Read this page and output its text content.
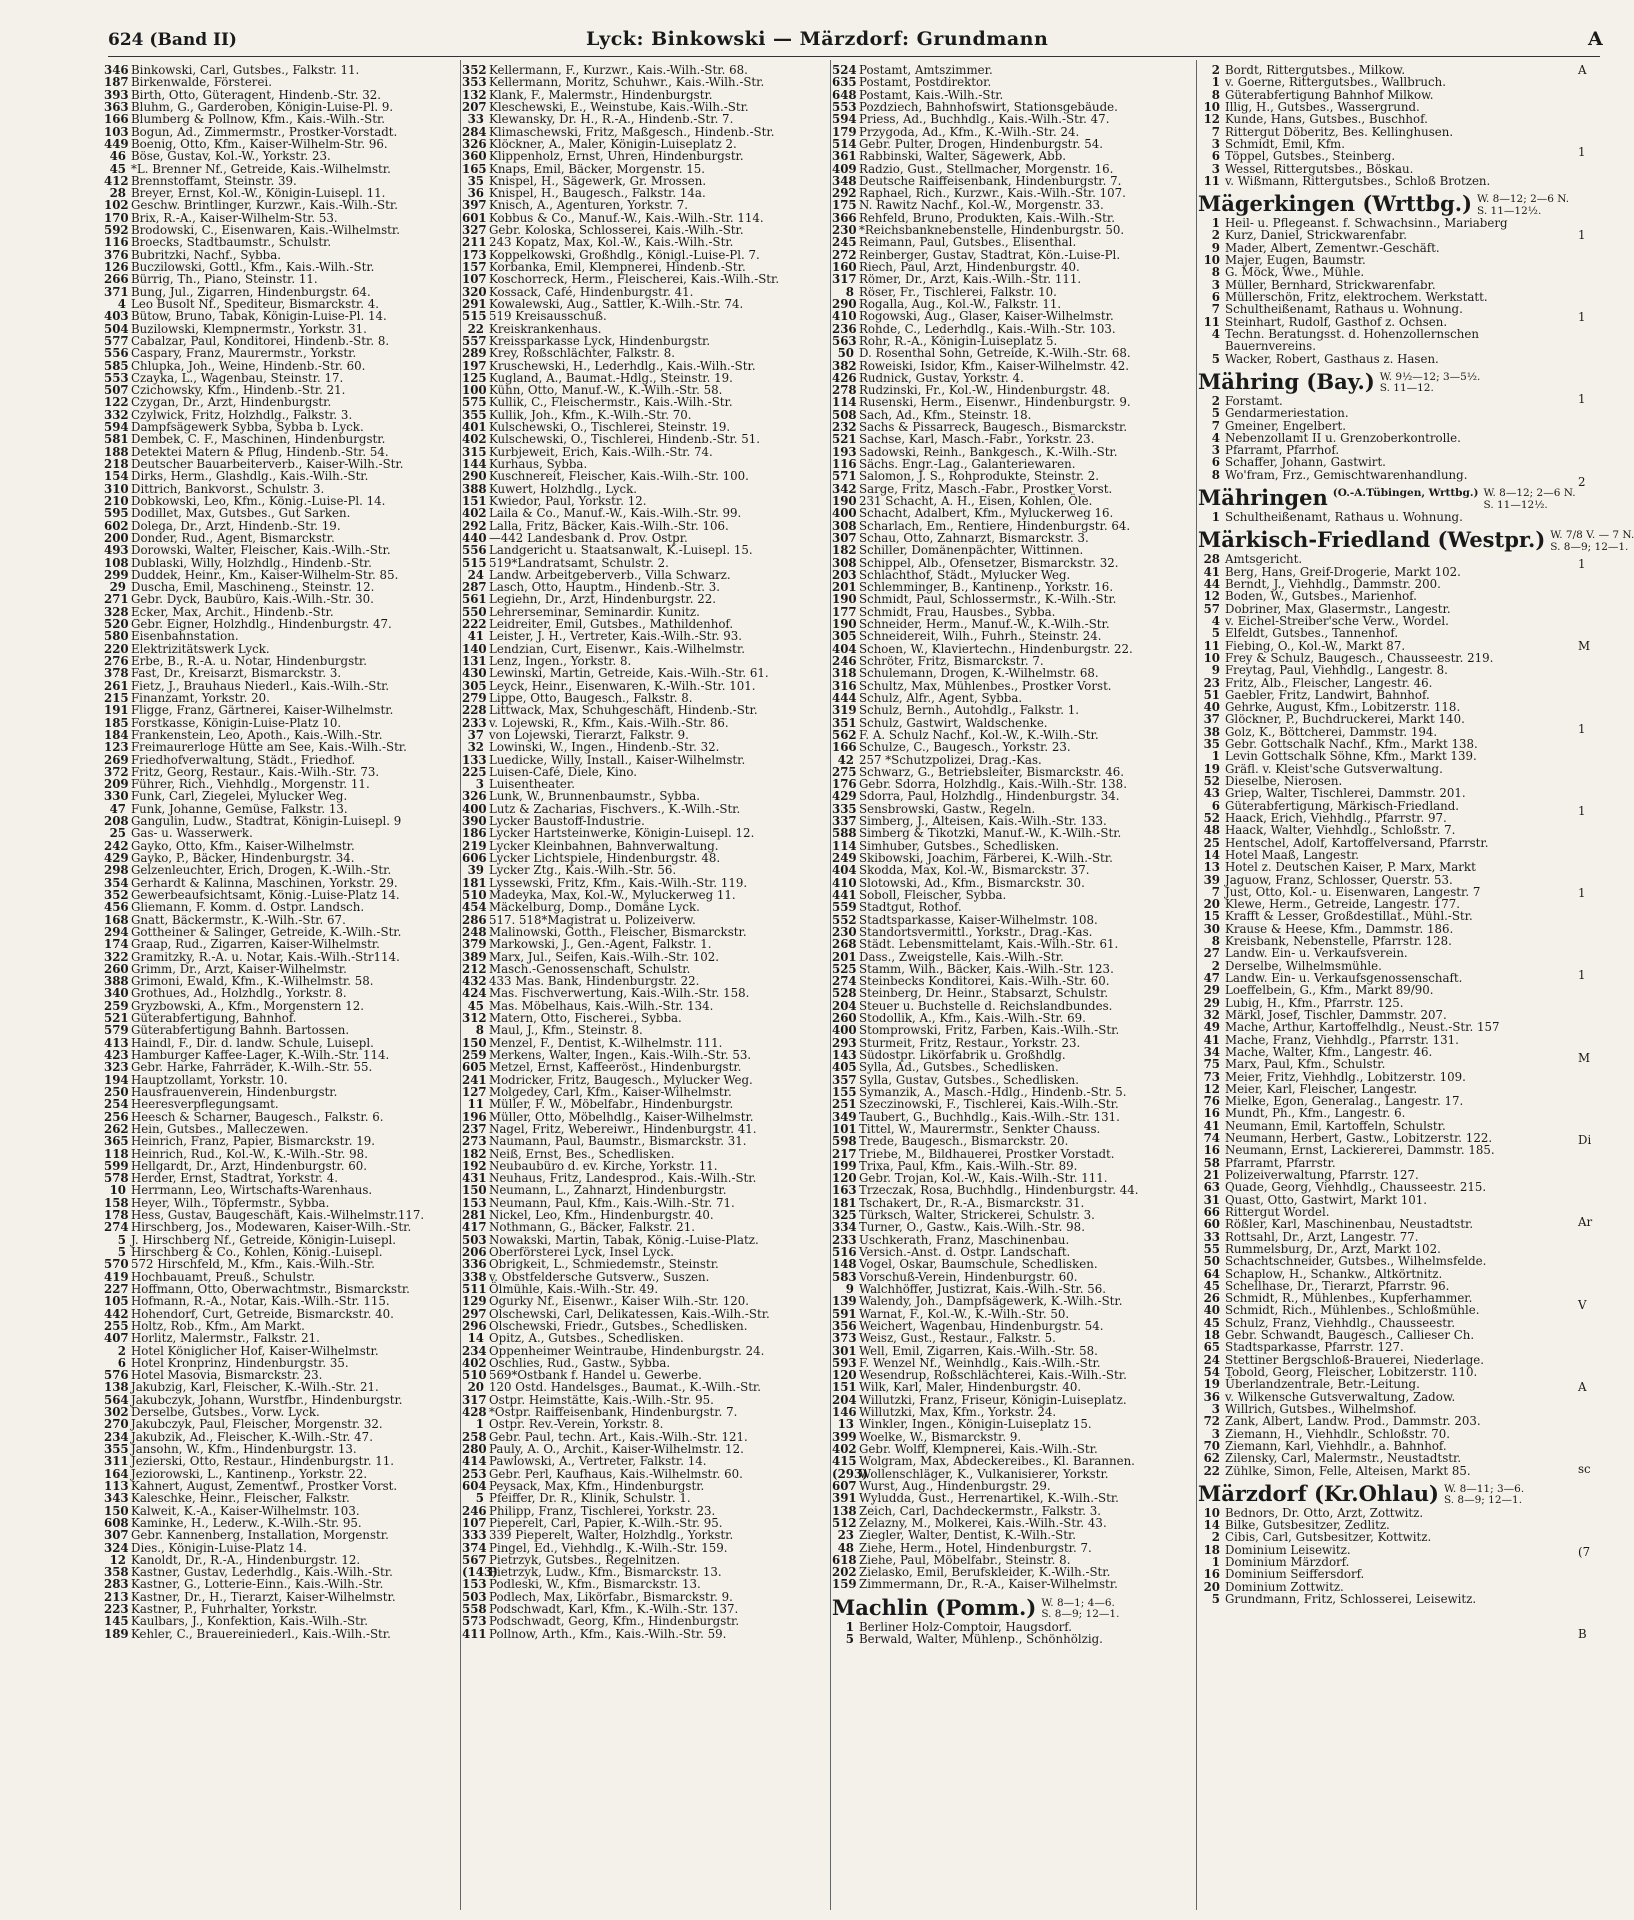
624 (Band II)	Lyck: Binkowski — Märzdorf: Grundmann	A
346 Binkowski, Carl, Gutsbes., Falkstr. 11.
187 Birkenwalde, Försterei.
393 Birth, Otto, Güteragent, Hindenb.-Str. 32.
363 Bluhm, G., Garderoben, Königin-Luise-Pl. 9.
166 Blumberg & Pollnow, Kfm., Kais.-Wilh.-Str.
103 Bogun, Ad., Zimmermstr., Prostker-Vorstadt.
449 Boenig, Otto, Kfm., Kaiser-Wilhelm-Str. 96.
46 Böse, Gustav, Kol.-W., Yorkstr. 23.
45 *L. Brenner Nf., Getreide, Kais.-Wilhelmstr.
412 Brennstoffamt, Steinstr. 39.
28 Breyer, Ernst, Kol.-W., Königin-Luisepl. 11.
102 Geschw. Brintlinger, Kurzwr., Kais.-Wilh.-Str.
170 Brix, R.-A., Kaiser-Wilhelm-Str. 53.
592 Brodowski, C., Eisenwaren, Kais.-Wilhelmstr.
116 Broecks, Stadtbaumstr., Schulstr.
376 Bubritzki, Nachf., Sybba.
126 Buczilowski, Gottl., Kfm., Kais.-Wilh.-Str.
266 Bürrig, Th., Piano, Steinstr. 11.
371 Bung, Jul., Zigarren, Hindenburgstr. 64.
4 Leo Busolt Nf., Spediteur, Bismarckstr. 4.
403 Bütow, Bruno, Tabak, Königin-Luise-Pl. 14.
504 Buzilowski, Klempnermstr., Yorkstr. 31.
577 Cabalzar, Paul, Konditorei, Hindenb.-Str. 8.
556 Caspary, Franz, Maurermstr., Yorkstr.
585 Chlupka, Joh., Weine, Hindenb.-Str. 60.
553 Czayka, L., Wagenbau, Steinstr. 17.
507 Czichowsky, Kfm., Hindenb.-Str. 21.
122 Czygan, Dr., Arzt, Hindenburgstr.
332 Czylwick, Fritz, Holzhdlg., Falkstr. 3.
594 Dampfsägewerk Sybba, Sybba b. Lyck.
581 Dembek, C. F., Maschinen, Hindenburgstr.
188 Detektei Matern & Pflug, Hindenb.-Str. 54.
218 Deutscher Bauarbeiterverb., Kaiser-Wilh.-Str.
154 Dirks, Herm., Glashdlg., Kais.-Wilh.-Str.
310 Dittrich, Bankvorst., Schulstr. 3.
210 Dobkowski, Leo, Kfm., König.-Luise-Pl. 14.
595 Dodillet, Max, Gutsbes., Gut Sarken.
602 Dolega, Dr., Arzt, Hindenb.-Str. 19.
200 Donder, Rud., Agent, Bismarckstr.
493 Dorowski, Walter, Fleischer, Kais.-Wilh.-Str.
108 Dublaski, Willy, Holzhdlg., Hindenb.-Str.
299 Duddek, Heinr., Km., Kaiser-Wilhelm-Str. 85.
29 Duscha, Emil, Maschineng., Steinstr. 12.
271 Gebr. Dyck, Baubüro, Kais.-Wilh.-Str. 30.
328 Ecker, Max, Archit., Hindenb.-Str.
520 Gebr. Eigner, Holzhdlg., Hindenburgstr. 47.
580 Eisenbahnstation.
220 Elektrizitätswerk Lyck.
276 Erbe, B., R.-A. u. Notar, Hindenburgstr.
378 Fast, Dr., Kreisarzt, Bismarckstr. 3.
261 Fietz, J., Brauhaus Niederl., Kais.-Wilh.-Str.
215 Finanzamt, Yorkstr. 20.
191 Fligge, Franz, Gärtnerei, Kaiser-Wilhelmstr.
185 Forstkasse, Königin-Luise-Platz 10.
184 Frankenstein, Leo, Apoth., Kais.-Wilh.-Str.
123 Freimaurerloge Hütte am See, Kais.-Wilh.-Str.
269 Friedhofverwaltung, Städt., Friedhof.
372 Fritz, Georg, Restaur., Kais.-Wilh.-Str. 73.
209 Führer, Rich., Viehhdlg., Morgenstr. 11.
330 Funk, Carl, Ziegelei, Mylucker Weg.
47 Funk, Johanne, Gemüse, Falkstr. 13.
208 Gangulin, Ludw., Stadtrat, Königin-Luisepl. 9
25 Gas- u. Wasserwerk.
242 Gayko, Otto, Kfm., Kaiser-Wilhelmstr.
429 Gayko, P., Bäcker, Hindenburgstr. 34.
298 Gelzenleuchter, Erich, Drogen, K.-Wilh.-Str.
354 Gerhardt & Kalinna, Maschinen, Yorkstr. 29.
352 Gewerbeaufsichtsamt, König.-Luise-Platz 14.
456 Gliemann, F. Komm. d. Ostpr. Landsch.
168 Gnatt, Bäckermstr., K.-Wilh.-Str. 67.
294 Gottheiner & Salinger, Getreide, K.-Wilh.-Str.
174 Graap, Rud., Zigarren, Kaiser-Wilhelmstr.
322 Gramitzky, R.-A. u. Notar, Kais.-Wilh.-Str114.
260 Grimm, Dr., Arzt, Kaiser-Wilhelmstr.
388 Grimoni, Ewald, Kfm., K.-Wilhelmstr. 58.
340 Grothues, Ad., Holzhdlg., Yorkstr. 8.
259 Gryzbowski, A., Kfm., Morgenstern 12.
521 Güterabfertigung, Bahnhof.
579 Güterabfertigung Bahnh. Bartossen.
413 Haindl, F., Dir. d. landw. Schule, Luisepl.
423 Hamburger Kaffee-Lager, K.-Wilh.-Str. 114.
323 Gebr. Harke, Fahrräder, K.-Wilh.-Str. 55.
194 Hauptzollamt, Yorkstr. 10.
250 Hausfrauenverein, Hindenburgstr.
254 Heeresverpflegungsamt.
256 Heesch & Scharner, Baugesch., Falkstr. 6.
262 Hein, Gutsbes., Malleczewen.
365 Heinrich, Franz, Papier, Bismarckstr. 19.
118 Heinrich, Rud., Kol.-W., K.-Wilh.-Str. 98.
599 Hellgardt, Dr., Arzt, Hindenburgstr. 60.
578 Herder, Ernst, Stadtrat, Yorkstr. 4.
10 Herrmann, Leo, Wirtschafts-Warenhaus.
158 Heyer, Wilh., Töpfermstr., Sybba.
178 Hess, Gustav, Baugeschäft, Kais.-Wilhelmstr.117.
274 Hirschberg, Jos., Modewaren, Kaiser-Wilh.-Str.
5 J. Hirschberg Nf., Getreide, Königin-Luisepl.
5 Hirschberg & Co., Kohlen, König.-Luisepl.
570 572 Hirschfeld, M., Kfm., Kais.-Wilh.-Str.
419 Hochbauamt, Preuß., Schulstr.
227 Hoffmann, Otto, Oberwachtmstr., Bismarckstr.
105 Hofmann, R.-A., Notar, Kais.-Wilh.-Str. 115.
442 Hohendorf, Curt, Getreide, Bismarckstr. 40.
255 Holtz, Rob., Kfm., Am Markt.
407 Horlitz, Malermstr., Falkstr. 21.
2 Hotel Königlicher Hof, Kaiser-Wilhelmstr.
6 Hotel Kronprinz, Hindenburgstr. 35.
576 Hotel Masovia, Bismarckstr. 23.
138 Jakubzig, Karl, Fleischer, K.-Wilh.-Str. 21.
564 Jakubczyk, Johann, Wurstfbr., Hindenburgstr.
302 Derselbe, Gutsbes., Vorw. Lyck.
270 Jakubczyk, Paul, Fleischer, Morgenstr. 32.
234 Jakubzik, Ad., Fleischer, K.-Wilh.-Str. 47.
355 Jansohn, W., Kfm., Hindenburgstr. 13.
311 Jezierski, Otto, Restaur., Hindenburgstr. 11.
164 Jeziorowski, L., Kantinenp., Yorkstr. 22.
113 Kahnert, August, Zementwf., Prostker Vorst.
343 Kaleschke, Heinr., Fleischer, Falkstr.
150 Kalweit, K.-A., Kaiser-Wilhelmstr. 103.
608 Kaminke, H., Lederw., K.-Wilh.-Str. 95.
307 Gebr. Kannenberg, Installation, Morgenstr.
324 Dies., Königin-Luise-Platz 14.
12 Kanoldt, Dr., R.-A., Hindenburgstr. 12.
358 Kastner, Gustav, Lederhdlg., Kais.-Wilh.-Str.
283 Kastner, G., Lotterie-Einn., Kais.-Wilh.-Str.
213 Kastner, Dr., H., Tierarzt, Kaiser-Wilhelmstr.
223 Kastner, P., Fuhrhalter, Yorkstr.
145 Kaulbars, J., Konfektion, Kais.-Wilh.-Str.
189 Kehler, C., Brauereiniederl., Kais.-Wilh.-Str.
352 Kellermann, F., Kurzwr., Kais.-Wilh.-Str. 68.
353 Kellermann, Moritz, Schuhwr., Kais.-Wilh.-Str.
132 Klank, F., Malermstr., Hindenburgstr.
207 Kleschewski, E., Weinstube, Kais.-Wilh.-Str.
33 Klewansky, Dr. H., R.-A., Hindenb.-Str. 7.
284 Klimaschewski, Fritz, Maßgesch., Hindenb.-Str.
326 Klöckner, A., Maler, Königin-Luiseplatz 2.
360 Klippenholz, Ernst, Uhren, Hindenburgstr.
165 Knaps, Emil, Bäcker, Morgenstr. 15.
35 Knispel, H., Sägewerk, Gr. Mrossen.
36 Knispel, H., Baugesch., Falkstr. 14a.
397 Knisch, A., Agenturen, Yorkstr. 7.
601 Kobbus & Co., Manuf.-W., Kais.-Wilh.-Str. 114.
327 Gebr. Koloska, Schlosserei, Kais.-Wilh.-Str.
211 243 Kopatz, Max, Kol.-W., Kais.-Wilh.-Str.
173 Koppelkowski, Großhdlg., Königl.-Luise-Pl. 7.
157 Korbanka, Emil, Klempnerei, Hindenb.-Str.
107 Koschorreck, Herm., Fleischerei, Kais.-Wilh.-Str.
320 Kossack, Café, Hindenburgstr. 41.
291 Kowalewski, Aug., Sattler, K.-Wilh.-Str. 74.
515 519 Kreisausschuß.
22 Kreiskrankenhaus.
557 Kreissparkasse Lyck, Hindenburgstr.
289 Krey, Roßschlächter, Falkstr. 8.
197 Kruschewski, H., Lederhdlg., Kais.-Wilh.-Str.
125 Kugland, A., Baumat.-Hdlg., Steinstr. 19.
100 Kühn, Otto, Manuf.-W., K.-Wilh.-Str. 58.
575 Kullik, C., Fleischermstr., Kais.-Wilh.-Str.
355 Kullik, Joh., Kfm., K.-Wilh.-Str. 70.
401 Kulschewski, O., Tischlerei, Steinstr. 19.
402 Kulschewski, O., Tischlerei, Hindenb.-Str. 51.
315 Kurbjeweit, Erich, Kais.-Wilh.-Str. 74.
144 Kurhaus, Sybba.
290 Kuschnereit, Fleischer, Kais.-Wilh.-Str. 100.
388 Kuwert, Holzhdlg., Lyck.
151 Kwiedor, Paul, Yorkstr. 12.
402 Laila & Co., Manuf.-W., Kais.-Wilh.-Str. 99.
292 Lalla, Fritz, Bäcker, Kais.-Wilh.-Str. 106.
440 —442 Landesbank d. Prov. Ostpr.
556 Landgericht u. Staatsanwalt, K.-Luisepl. 15.
515 519*Landratsamt, Schulstr. 2.
24 Landw. Arbeitgeberverb., Villa Schwarz.
287 Lasch, Otto, Hauptm., Hindenb.-Str. 3.
561 Legiehn, Dr., Arzt, Hindenburgstr. 22.
550 Lehrerseminar, Seminardir. Kunitz.
222 Leidreiter, Emil, Gutsbes., Mathildenhof.
41 Leister, J. H., Vertreter, Kais.-Wilh.-Str. 93.
140 Lendzian, Curt, Eisenwr., Kais.-Wilhelmstr.
131 Lenz, Ingen., Yorkstr. 8.
430 Lewinski, Martin, Getreide, Kais.-Wilh.-Str. 61.
305 Leyck, Heinr., Eisenwaren, K.-Wilh.-Str. 101.
279 Lippe, Otto, Baugesch., Falkstr. 8.
228 Littwack, Max, Schuhgeschäft, Hindenb.-Str.
233 v. Lojewski, R., Kfm., Kais.-Wilh.-Str. 86.
37 von Lojewski, Tierarzt, Falkstr. 9.
32 Lowinski, W., Ingen., Hindenb.-Str. 32.
133 Luedicke, Willy, Install., Kaiser-Wilhelmstr.
225 Luisen-Café, Diele, Kino.
3 Luisentheater.
326 Lunk, W., Brunnenbaumstr., Sybba.
400 Lutz & Zacharias, Fischvers., K.-Wilh.-Str.
390 Lycker Baustoff-Industrie.
186 Lycker Hartsteinwerke, Königin-Luisepl. 12.
219 Lycker Kleinbahnen, Bahnverwaltung.
606 Lycker Lichtspiele, Hindenburgstr. 48.
39 Lycker Ztg., Kais.-Wilh.-Str. 56.
181 Lyssewski, Fritz, Kfm., Kais.-Wilh.-Str. 119.
510 Madeyka, Max, Kol.-W., Myluckerweg 11.
454 Mäckelburg, Domp., Domäne Lyck.
286 517. 518*Magistrat u. Polizeiverw.
248 Malinowski, Gotth., Fleischer, Bismarckstr.
379 Markowski, J., Gen.-Agent, Falkstr. 1.
389 Marx, Jul., Seifen, Kais.-Wilh.-Str. 102.
212 Masch.-Genossenschaft, Schulstr.
432 433 Mas. Bank, Hindenburgstr. 22.
424 Mas. Fischverwertung, Kais.-Wilh.-Str. 158.
45 Mas. Möbelhaus, Kais.-Wilh.-Str. 134.
312 Matern, Otto, Fischerei., Sybba.
8 Maul, J., Kfm., Steinstr. 8.
150 Menzel, F., Dentist, K.-Wilhelmstr. 111.
259 Merkens, Walter, Ingen., Kais.-Wilh.-Str. 53.
605 Metzel, Ernst, Kaffeeröst., Hindenburgstr.
241 Modricker, Fritz, Baugesch., Mylucker Weg.
127 Molgedey, Carl, Kfm., Kaiser-Wilhelmstr.
11 Müller, F. W., Möbelfabr., Hindenburgstr.
196 Müller, Otto, Möbelhdlg., Kaiser-Wilhelmstr.
237 Nagel, Fritz, Webereiwr., Hindenburgstr. 41.
273 Naumann, Paul, Baumstr., Bismarckstr. 31.
182 Neiß, Ernst, Bes., Schedlisken.
192 Neubaubüro d. ev. Kirche, Yorkstr. 11.
431 Neuhaus, Fritz, Landesprod., Kais.-Wilh.-Str.
150 Neumann, L., Zahnarzt, Hindenburgstr.
153 Neumann, Paul, Kfm., Kais.-Wilh.-Str. 71.
281 Nickel, Leo, Kfm., Hindenburgstr. 40.
417 Nothmann, G., Bäcker, Falkstr. 21.
503 Nowakski, Martin, Tabak, König.-Luise-Platz.
206 Oberförsterei Lyck, Insel Lyck.
336 Obrigkeit, L., Schmiedemstr., Steinstr.
338 v. Obstfeldersche Gutsverw., Suszen.
511 Ölmühle, Kais.-Wilh.-Str. 49.
129 Ogurky Nf., Eisenwr., Kaiser Wilh.-Str. 120.
297 Olschewski, Carl, Delikatessen, Kais.-Wilh.-Str.
296 Olschewski, Friedr., Gutsbes., Schedlisken.
14 Opitz, A., Gutsbes., Schedlisken.
234 Oppenheimer Weintraube, Hindenburgstr. 24.
402 Oschlies, Rud., Gastw., Sybba.
510 569*Ostbank f. Handel u. Gewerbe.
20 120 Ostd. Handelsges., Baumat., K.-Wilh.-Str.
317 Ostpr. Heimstätte, Kais.-Wilh.-Str. 95.
428 *Ostpr. Raiffeisenbank, Hindenburgstr. 7.
1 Ostpr. Rev.-Verein, Yorkstr. 8.
258 Gebr. Paul, techn. Art., Kais.-Wilh.-Str. 121.
280 Pauly, A. O., Archit., Kaiser-Wilhelmstr. 12.
414 Pawlowski, A., Vertreter, Falkstr. 14.
253 Gebr. Perl, Kaufhaus, Kais.-Wilhelmstr. 60.
604 Peysack, Max, Kfm., Hindenburgstr.
5 Pfeiffer, Dr. R., Klinik, Schulstr. 1.
246 Philipp, Franz, Tischlerei, Yorkstr. 23.
107 Pieperelt, Carl, Papier, K.-Wilh.-Str. 95.
333 339 Pieperelt, Walter, Holzhdlg., Yorkstr.
374 Pingel, Ed., Viehhdlg., K.-Wilh.-Str. 159.
567 Pietrzyk, Gutsbes., Regelnitzen.
(143)
Pietrzyk, Ludw., Kfm., Bismarckstr. 13.
153 Podleski, W., Kfm., Bismarckstr. 13.
503 Podlech, Max, Likörfabr., Bismarckstr. 9.
558 Podschwadt, Karl, Kfm., K.-Wilh.-Str. 137.
573 Podschwadt, Georg, Kfm., Hindenburgstr.
411 Pollnow, Arth., Kfm., Kais.-Wilh.-Str. 59.
524 Postamt, Amtszimmer.
635 Postamt, Postdirektor.
648 Postamt, Kais.-Wilh.-Str.
553 Pozdziech, Bahnhofswirt, Stationsgebäude.
594 Priess, Ad., Buchhdlg., Kais.-Wilh.-Str. 47.
179 Przygoda, Ad., Kfm., K.-Wilh.-Str. 24.
514 Gebr. Pulter, Drogen, Hindenburgstr. 54.
361 Rabbinski, Walter, Sägewerk, Abb.
409 Radzio, Gust., Stellmacher, Morgenstr. 16.
348 Deutsche Raiffeisenbank, Hindenburgstr. 7.
292 Raphael, Rich., Kurzwr., Kais.-Wilh.-Str. 107.
175 N. Rawitz Nachf., Kol.-W., Morgenstr. 33.
366 Rehfeld, Bruno, Produkten, Kais.-Wilh.-Str.
230 *Reichsbanknebenstelle, Hindenburgstr. 50.
245 Reimann, Paul, Gutsbes., Elisenthal.
272 Reinberger, Gustav, Stadtrat, Kön.-Luise-Pl.
160 Riech, Paul, Arzt, Hindenburgstr. 40.
317 Römer, Dr., Arzt, Kais.-Wilh.-Str. 111.
8 Röser, Fr., Tischlerei, Falkstr. 10.
290 Rogalla, Aug., Kol.-W., Falkstr. 11.
410 Rogowski, Aug., Glaser, Kaiser-Wilhelmstr.
236 Rohde, C., Lederhdlg., Kais.-Wilh.-Str. 103.
563 Rohr, R.-A., Königin-Luiseplatz 5.
50 D. Rosenthal Sohn, Getreide, K.-Wilh.-Str. 68.
382 Roweiski, Isidor, Kfm., Kaiser-Wilhelmstr. 42.
426 Rudnick, Gustav, Yorkstr. 4.
278 Rudzinski, Fr., Kol.-W., Hindenburgstr. 48.
114 Rusenski, Herm., Eisenwr., Hindenburgstr. 9.
508 Sach, Ad., Kfm., Steinstr. 18.
232 Sachs & Pissarreck, Baugesch., Bismarckstr.
521 Sachse, Karl, Masch.-Fabr., Yorkstr. 23.
193 Sadowski, Reinh., Bankgesch., K.-Wilh.-Str.
116 Sächs. Engr.-Lag., Galanteriewaren.
571 Salomon, J. S., Rohprodukte, Steinstr. 2.
342 Sarge, Fritz, Masch.-Fabr., Prostker Vorst.
190 231 Schacht, A. H., Eisen, Kohlen, Öle.
400 Schacht, Adalbert, Kfm., Myluckerweg 16.
308 Scharlach, Em., Rentiere, Hindenburgstr. 64.
307 Schau, Otto, Zahnarzt, Bismarckstr. 3.
182 Schiller, Domänenpächter, Wittinnen.
308 Schippel, Alb., Ofensetzer, Bismarckstr. 32.
203 Schlachthof, Städt., Mylucker Weg.
201 Schlemminger, B., Kantinenp., Yorkstr. 16.
190 Schmidt, Paul, Schlossermstr., K.-Wilh.-Str.
177 Schmidt, Frau, Hausbes., Sybba.
190 Schneider, Herm., Manuf.-W., K.-Wilh.-Str.
305 Schneidereit, Wilh., Fuhrh., Steinstr. 24.
404 Schoen, W., Klaviertechn., Hindenburgstr. 22.
246 Schröter, Fritz, Bismarckstr. 7.
318 Schulemann, Drogen, K.-Wilhelmstr. 68.
316 Schultz, Max, Mühlenbes., Prostker Vorst.
444 Schulz, Alfr., Agent, Sybba.
319 Schulz, Bernh., Autohdlg., Falkstr. 1.
351 Schulz, Gastwirt, Waldschenke.
562 F. A. Schulz Nachf., Kol.-W., K.-Wilh.-Str.
166 Schulze, C., Baugesch., Yorkstr. 23.
42 257 *Schutzpolizei, Drag.-Kas.
275 Schwarz, G., Betriebsleiter, Bismarckstr. 46.
176 Gebr. Sdorra, Holzhdlg., Kais.-Wilh.-Str. 138.
429 Sdorra, Paul, Holzhdlg., Hindenburgstr. 34.
335 Sensbrowski, Gastw., Regeln.
337 Simberg, J., Alteisen, Kais.-Wilh.-Str. 133.
588 Simberg & Tikotzki, Manuf.-W., K.-Wilh.-Str.
114 Simhuber, Gutsbes., Schedlisken.
249 Skibowski, Joachim, Färberei, K.-Wilh.-Str.
404 Skodda, Max, Kol.-W., Bismarckstr. 37.
410 Slotowski, Ad., Kfm., Bismarckstr. 30.
441 Soboll, Fleischer, Sybba.
559 Stadtgut, Rothof.
552 Stadtsparkasse, Kaiser-Wilhelmstr. 108.
230 Standortsvermittl., Yorkstr., Drag.-Kas.
268 Städt. Lebensmittelamt, Kais.-Wilh.-Str. 61.
201 Dass., Zweigstelle, Kais.-Wilh.-Str.
525 Stamm, Wilh., Bäcker, Kais.-Wilh.-Str. 123.
274 Steinbecks Konditorei, Kais.-Wilh.-Str. 60.
528 Steinberg, Dr. Heinr., Stabsarzt, Schulstr.
204 Steuer u. Buchstelle d. Reichslandbundes.
260 Stodollik, A., Kfm., Kais.-Wilh.-Str. 69.
400 Stomprowski, Fritz, Farben, Kais.-Wilh.-Str.
293 Sturmeit, Fritz, Restaur., Yorkstr. 23.
143 Südostpr. Likörfabrik u. Großhdlg.
405 Sylla, Ad., Gutsbes., Schedlisken.
357 Sylla, Gustav, Gutsbes., Schedlisken.
155 Symanzik, A., Masch.-Hdlg., Hindenb.-Str. 5.
251 Szeczinowski, F., Tischlerei, Kais.-Wilh.-Str.
349 Taubert, G., Buchhdlg., Kais.-Wilh.-Str. 131.
101 Tittel, W., Maurermstr., Senkter Chauss.
598 Trede, Baugesch., Bismarckstr. 20.
217 Triebe, M., Bildhauerei, Prostker Vorstadt.
199 Trixa, Paul, Kfm., Kais.-Wilh.-Str. 89.
120 Gebr. Trojan, Kol.-W., Kais.-Wilh.-Str. 111.
163 Trzeczak, Rosa, Buchhdlg., Hindenburgstr. 44.
181 Tschakert, Dr., R.-A., Bismarckstr. 31.
325 Türksch, Walter, Strickerei, Schulstr. 3.
334 Turner, O., Gastw., Kais.-Wilh.-Str. 98.
233 Uschkerath, Franz, Maschinenbau.
516 Versich.-Anst. d. Ostpr. Landschaft.
148 Vogel, Oskar, Baumschule, Schedlisken.
583 Vorschuß-Verein, Hindenburgstr. 60.
9 Walchhöffer, Justizrat, Kais.-Wilh.-Str. 56.
139 Walendy, Joh., Dampfsägewerk, K.-Wilh.-Str.
591 Warnat, F., Kol.-W., K.-Wilh.-Str. 50.
356 Weichert, Wagenbau, Hindenburgstr. 54.
373 Weisz, Gust., Restaur., Falkstr. 5.
301 Well, Emil, Zigarren, Kais.-Wilh.-Str. 58.
593 F. Wenzel Nf., Weinhdlg., Kais.-Wilh.-Str.
120 Wesendrup, Roßschlächterei, Kais.-Wilh.-Str.
151 Wilk, Karl, Maler, Hindenburgstr. 40.
204 Willutzki, Franz, Friseur, Königin-Luiseplatz.
146 Willutzki, Max, Kfm., Yorkstr. 24.
13 Winkler, Ingen., Königin-Luiseplatz 15.
399 Woelke, W., Bismarckstr. 9.
402 Gebr. Wolff, Klempnerei, Kais.-Wilh.-Str.
415 Wolgram, Max, Abdeckereibes., Kl. Barannen.
(293)
Wollenschläger, K., Vulkanisierer, Yorkstr.
607 Wurst, Aug., Hindenburgstr. 29.
391 Wyludda, Gust., Herrenartikel, K.-Wilh.-Str.
138 Zeich, Carl, Dachdeckermstr., Falkstr. 3.
512 Zelazny, M., Molkerei, Kais.-Wilh.-Str. 43.
23 Ziegler, Walter, Dentist, K.-Wilh.-Str.
48 Ziehe, Herm., Hotel, Hindenburgstr. 7.
618 Ziehe, Paul, Möbelfabr., Steinstr. 8.
202 Zielasko, Emil, Berufskleider, K.-Wilh.-Str.
159 Zimmermann, Dr., R.-A., Kaiser-Wilhelmstr.
Machlin (Pomm.) W. 8—1; 4—6.
S. 8—9; 12—1.
1 Berliner Holz-Comptoir, Haugsdorf.
5 Berwald, Walter, Mühlenp., Schönhölzig.
2 Bordt, Rittergutsbes., Milkow.
1 v. Goerne, Rittergutsbes., Wallbruch.
8 Güterabfertigung Bahnhof Milkow.
10 Illig, H., Gutsbes., Wassergrund.
12 Kunde, Hans, Gutsbes., Buschhof.
7 Rittergut Döberitz, Bes. Kellinghusen.
3 Schmidt, Emil, Kfm.
6 Töppel, Gutsbes., Steinberg.
3 Wessel, Rittergutsbes., Böskau.
11 v. Wißmann, Rittergutsbes., Schloß Brotzen.
Mägerkingen (Wrttbg.) W. 8—12; 2—6 N.
S. 11—12½.
1 Heil- u. Pflegeanst. f. Schwachsinn., Mariaberg
2 Kurz, Daniel, Strickwarenfabr.
9 Mader, Albert, Zementwr.-Geschäft.
10 Majer, Eugen, Baumstr.
8 G. Möck, Wwe., Mühle.
3 Müller, Bernhard, Strickwarenfabr.
6 Müllerschön, Fritz, elektrochem. Werkstatt.
7 Schultheißenamt, Rathaus u. Wohnung.
11 Steinhart, Rudolf, Gasthof z. Ochsen.
4 Techn. Beratungsst. d. Hohenzollernschen
Bauernvereins.
5 Wacker, Robert, Gasthaus z. Hasen.
Mähring (Bay.) W. 9½—12; 3—5½.
S. 11—12.
2 Forstamt.
5 Gendarmeriestation.
7 Gmeiner, Engelbert.
4 Nebenzollamt II u. Grenzoberkontrolle.
3 Pfarramt, Pfarrhof.
6 Schaffer, Johann, Gastwirt.
8 Wo'fram, Frz., Gemischtwarenhandlung.
Mähringen (O.-A.Tübingen, Wrttbg.) W. 8—12; 2—6 N.
S. 11—12½.
1 Schultheißenamt, Rathaus u. Wohnung.
Märkisch-Friedland (Westpr.) W. 7/8 V. — 7 N.
S. 8—9; 12—1.
28 Amtsgericht.
41 Berg, Hans, Greif-Drogerie, Markt 102.
44 Berndt, J., Viehhdlg., Dammstr. 200.
12 Boden, W., Gutsbes., Marienhof.
57 Dobriner, Max, Glasermstr., Langestr.
4 v. Eichel-Streiber'sche Verw., Wordel.
5 Elfeldt, Gutsbes., Tannenhof.
11 Fiebing, O., Kol.-W., Markt 87.
10 Frey & Schulz, Baugesch., Chausseestr. 219.
9 Freytag, Paul, Viehhdlg., Langestr. 8.
23 Fritz, Alb., Fleischer, Langestr. 46.
51 Gaebler, Fritz, Landwirt, Bahnhof.
40 Gehrke, August, Kfm., Lobitzerstr. 118.
37 Glöckner, P., Buchdruckerei, Markt 140.
38 Golz, K., Böttcherei, Dammstr. 194.
35 Gebr. Gottschalk Nachf., Kfm., Markt 138.
1 Levin Gottschalk Söhne, Kfm., Markt 139.
19 Gräfl. v. Kleist'sche Gutsverwaltung.
52 Dieselbe, Nierosen.
43 Griep, Walter, Tischlerei, Dammstr. 201.
6 Güterabfertigung, Märkisch-Friedland.
52 Haack, Erich, Viehhdlg., Pfarrstr. 97.
48 Haack, Walter, Viehhdlg., Schloßstr. 7.
25 Hentschel, Adolf, Kartoffelversand, Pfarrstr.
14 Hotel Maaß, Langestr.
13 Hotel z. Deutschen Kaiser, P. Marx, Markt
39 Jaguow, Franz, Schlosser, Querstr. 53.
7 Just, Otto, Kol.- u. Eisenwaren, Langestr. 7
20 Klewe, Herm., Getreide, Langestr. 177.
15 Krafft & Lesser, Großdestillat., Mühl.-Str.
30 Krause & Heese, Kfm., Dammstr. 186.
8 Kreisbank, Nebenstelle, Pfarrstr. 128.
27 Landw. Ein- u. Verkaufsverein.
2 Derselbe, Wilhelmsmühle.
47 Landw. Ein- u. Verkaufsgenossenschaft.
29 Loeffelbein, G., Kfm., Markt 89/90.
29 Lubig, H., Kfm., Pfarrstr. 125.
32 Märkl, Josef, Tischler, Dammstr. 207.
49 Mache, Arthur, Kartoffelhdlg., Neust.-Str. 157
41 Mache, Franz, Viehhdlg., Pfarrstr. 131.
34 Mache, Walter, Kfm., Langestr. 46.
75 Marx, Paul, Kfm., Schulstr.
73 Meier, Fritz, Viehhdlg., Lobitzerstr. 109.
12 Meier, Karl, Fleischer, Langestr.
76 Mielke, Egon, Generalag., Langestr. 17.
16 Mundt, Ph., Kfm., Langestr. 6.
41 Neumann, Emil, Kartoffeln, Schulstr.
74 Neumann, Herbert, Gastw., Lobitzerstr. 122.
16 Neumann, Ernst, Lackiererei, Dammstr. 185.
58 Pfarramt, Pfarrstr.
21 Polizeiverwaltung, Pfarrstr. 127.
63 Quade, Georg, Viehhdlg., Chausseestr. 215.
31 Quast, Otto, Gastwirt, Markt 101.
66 Rittergut Wordel.
60 Rößler, Karl, Maschinenbau, Neustadtstr.
33 Rottsahl, Dr., Arzt, Langestr. 77.
55 Rummelsburg, Dr., Arzt, Markt 102.
50 Schachtschneider, Gutsbes., Wilhelmsfelde.
64 Schaplow, H., Schankw., Altkörtnitz.
45 Schellhase, Dr., Tierarzt, Pfarrstr. 96.
26 Schmidt, R., Mühlenbes., Kupferhammer.
40 Schmidt, Rich., Mühlenbes., Schloßmühle.
45 Schulz, Franz, Viehhdlg., Chausseestr.
18 Gebr. Schwandt, Baugesch., Callieser Ch.
65 Stadtsparkasse, Pfarrstr. 127.
24 Stettiner Bergschloß-Brauerei, Niederlage.
54 Tobold, Georg, Fleischer, Lobitzerstr. 110.
19 Überlandzentrale, Betr.-Leitung.
36 v. Wilkensche Gutsverwaltung, Zadow.
3 Willrich, Gutsbes., Wilhelmshof.
72 Zank, Albert, Landw. Prod., Dammstr. 203.
3 Ziemann, H., Viehhdlr., Schloßstr. 70.
70 Ziemann, Karl, Viehhdlr., a. Bahnhof.
62 Zilensky, Carl, Malermstr., Neustadtstr.
22 Zühlke, Simon, Felle, Alteisen, Markt 85.
Märzdorf (Kr.Ohlau) W. 8—11; 3—6.
S. 8—9; 12—1.
10 Bednors, Dr. Otto, Arzt, Zottwitz.
14 Bilke, Gutsbesitzer, Zedlitz.
2 Cibis, Carl, Gutsbesitzer, Kottwitz.
18 Dominium Leisewitz.
1 Dominium Märzdorf.
16 Dominium Seiffersdorf.
20 Dominium Zottwitz.
5 Grundmann, Fritz, Schlosserei, Leisewitz.
A
1
1
1
1
2
1
M
1
1
1
1
M
Di
Ar
V
A
sc
(7
B
